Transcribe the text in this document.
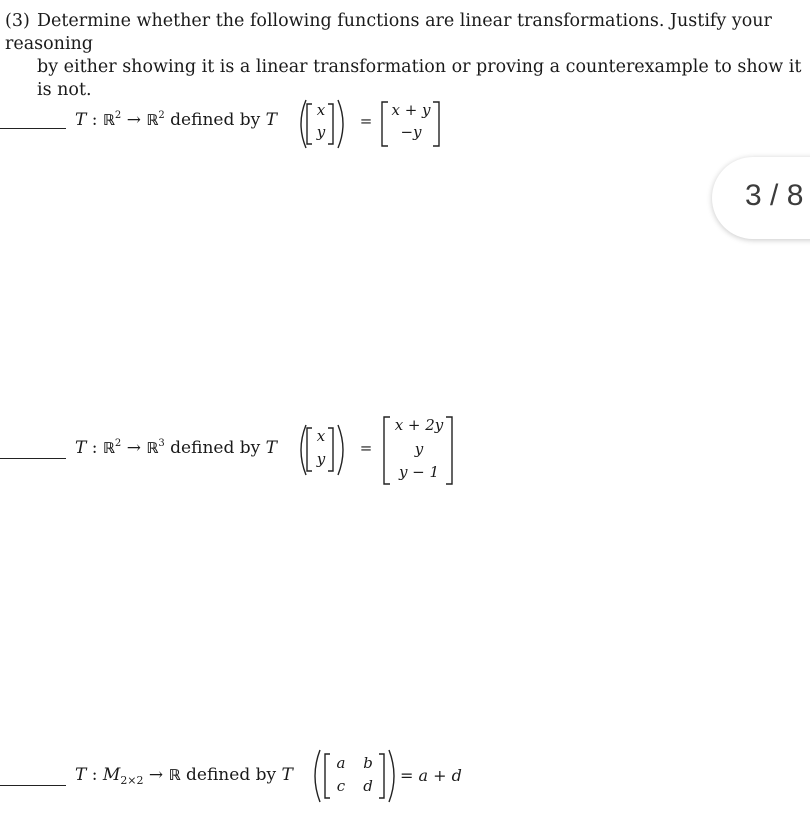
(3) Determine whether the following functions are linear transformations. Justify your reasoning
by either showing it is a linear transformation or proving a counterexample to show it is not.

T : ℝ$^2$ → ℝ$^2$ defined by T	x
y
=
x + y
−y
T : ℝ$^2$ → ℝ$^3$ defined by T
x
y
=
x + 2y
y
y − 1
T : $M_{2\times 2}$ → ℝ defined by T
a	b
c	d
= a + d
3 / 8
